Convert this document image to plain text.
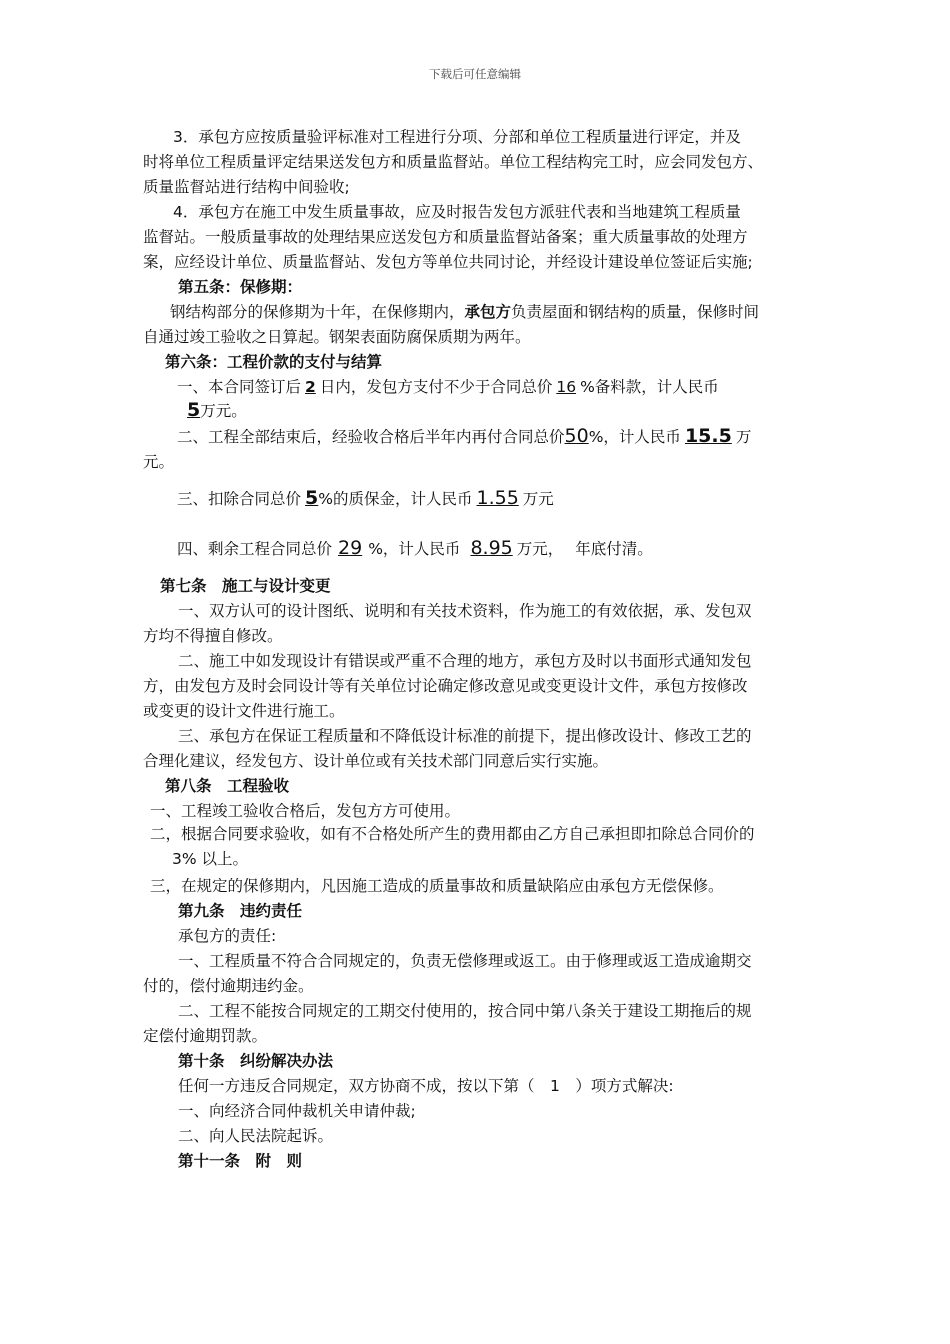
下载后可任意编辑
3．承包方应按质量验评标准对工程进行分项、分部和单位工程质量进行评定，并及
时将单位工程质量评定结果送发包方和质量监督站。单位工程结构完工时，应会同发包方、
质量监督站进行结构中间验收;
4．承包方在施工中发生质量事故，应及时报告发包方派驻代表和当地建筑工程质量
监督站。一般质量事故的处理结果应送发包方和质量监督站备案；重大质量事故的处理方
案，应经设计单位、质量监督站、发包方等单位共同讨论，并经设计建设单位签证后实施;
第五条：保修期：
钢结构部分的保修期为十年，在保修期内，承包方负责屋面和钢结构的质量，保修时间
自通过竣工验收之日算起。钢架表面防腐保质期为两年。
第六条：工程价款的支付与结算
一、本合同签订后 2 日内，发包方支付不少于合同总价 16 %备料款，计人民币
5万元。
二、工程全部结束后，经验收合格后半年内再付合同总价50%，计人民币 15.5 万
元。
三、扣除合同总价 5%的质保金，计人民币 1.55 万元
四、剩余工程合同总价 29 %，计人民币 8.95 万元， 年底付清。
第七条　施工与设计变更
一、双方认可的设计图纸、说明和有关技术资料，作为施工的有效依据，承、发包双
方均不得擅自修改。
二、施工中如发现设计有错误或严重不合理的地方，承包方及时以书面形式通知发包
方，由发包方及时会同设计等有关单位讨论确定修改意见或变更设计文件，承包方按修改
或变更的设计文件进行施工。
三、承包方在保证工程质量和不降低设计标准的前提下，提出修改设计、修改工艺的
合理化建议，经发包方、设计单位或有关技术部门同意后实行实施。
第八条　工程验收
一、工程竣工验收合格后，发包方方可使用。
二，根据合同要求验收，如有不合格处所产生的费用都由乙方自己承担即扣除总合同价的
3% 以上。
三，在规定的保修期内，凡因施工造成的质量事故和质量缺陷应由承包方无偿保修。
第九条　违约责任
承包方的责任:
一、工程质量不符合合同规定的，负责无偿修理或返工。由于修理或返工造成逾期交
付的，偿付逾期违约金。
二、工程不能按合同规定的工期交付使用的，按合同中第八条关于建设工期拖后的规
定偿付逾期罚款。
第十条　纠纷解决办法
任何一方违反合同规定，双方协商不成，按以下第（　1　）项方式解决:
一、向经济合同仲裁机关申请仲裁;
二、向人民法院起诉。
第十一条　附　则
